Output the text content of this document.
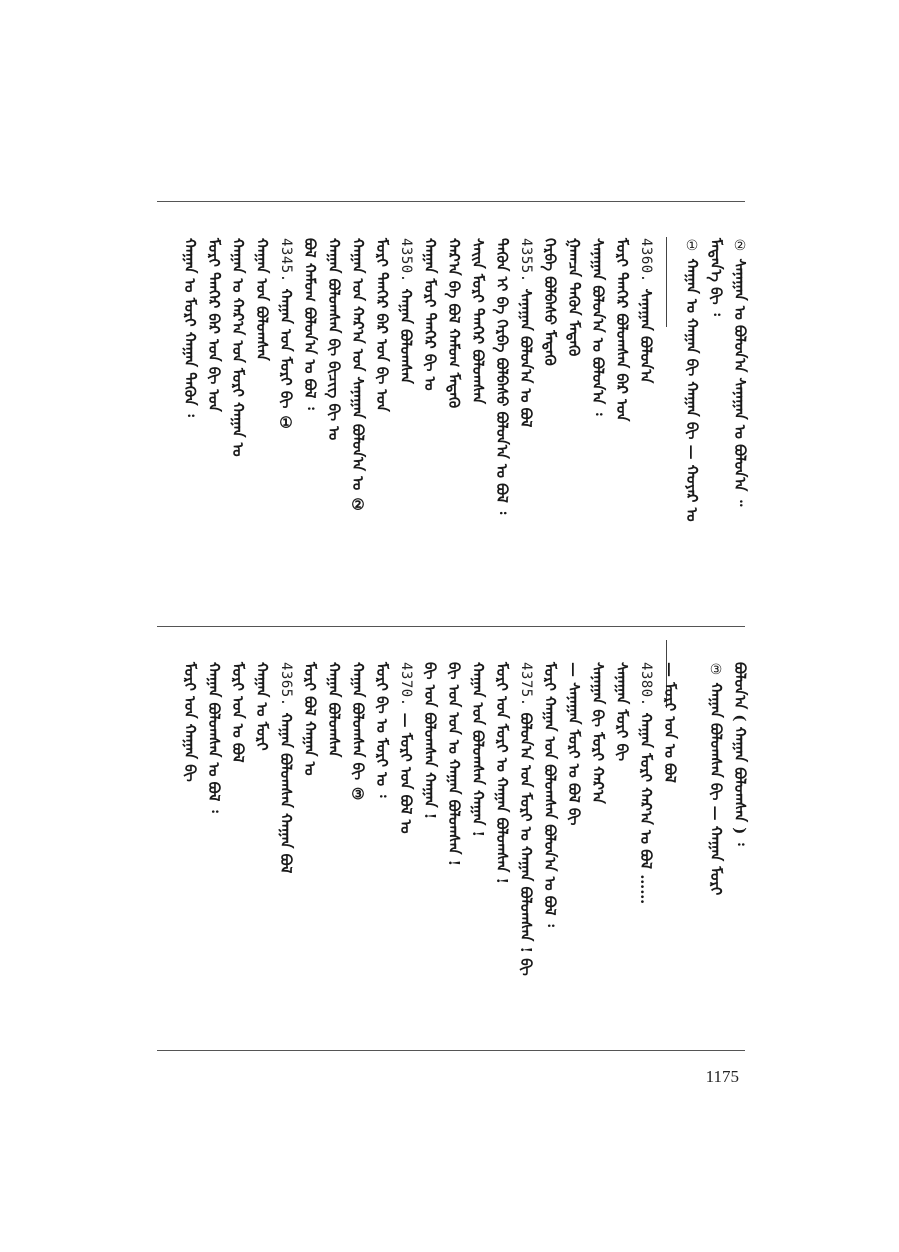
② ᠰᠠᠨᠠᠭᠠᠨ ᠤ ᠪᠣᠯᠤᠨ᠎ᠠ ᠰᠠᠨᠠᠭᠠᠨ ᠤ ᠪᠣᠯᠤᠨ᠎ᠠ ᠃
ᠮᠡᠳᠡᠨ᠎ᠡ ᠪᠢ ᠄
① ᠬᠠᠭᠠᠨ ᠤ ᠬᠠᠭᠠᠨ ᠪᠢ ᠬᠠᠭᠠᠨ ᠪᠢ — ᠬᠣᠶᠠᠷ ᠤ
4360.ᠰᠠᠨᠠᠭᠠᠨ ᠪᠣᠯᠤᠨ᠎ᠠ
ᠮᠣᠷᠢ ᠲᠡᠨᠭᠡᠷ ᠪᠣᠯᠤᠭᠰᠠᠨ ᠪᠡᠷ ᠤᠨ
ᠰᠠᠨᠠᠭᠠᠨ ᠪᠣᠯᠤᠨ᠎ᠠ ᠤ ᠪᠣᠯᠤᠨ᠎ᠠ ᠄
ᠭᠠᠭᠴᠠ ᠲᠡᠭᠦᠨ ᠮᠡᠳᠡᠬᠦ
ᠬᠡᠷᠪᠡ ᠪᠣᠯᠪᠠᠰᠤ ᠮᠡᠳᠡᠬᠦ
4355.ᠰᠠᠨᠠᠭᠠᠨ ᠪᠣᠯᠤᠨ᠎ᠠ ᠤ ᠪᠣᠯ
ᠲᠡᠭᠦᠨ ᠢ ᠪᠠ ᠬᠡᠷᠪᠡ ᠪᠣᠯᠪᠠᠰᠤ ᠪᠣᠯᠤᠨ᠎ᠠ ᠤ ᠪᠣᠯ ᠄
ᠰᠠᠢᠨ ᠮᠣᠷᠢ ᠲᠡᠨᠭᠡᠷ ᠪᠣᠯᠤᠭᠰᠠᠨ
ᠬᠠᠷ᠎ᠠ ᠪᠠ ᠪᠣᠯ ᠬᠠᠮᠤᠭ ᠮᠡᠳᠡᠬᠦ
ᠬᠠᠭᠠᠨ ᠮᠣᠷᠢ ᠲᠡᠨᠭᠡᠷ ᠪᠢ ᠤ
4350.ᠬᠠᠭᠠᠨ ᠪᠣᠯᠤᠭᠰᠠᠨ
ᠮᠣᠷᠢ ᠲᠡᠨᠭᠡᠷ ᠪᠡᠷ ᠤᠨ ᠪᠢ ᠤᠨ
ᠬᠠᠭᠠᠨ ᠤᠨ ᠬᠠᠷ᠎ᠠ ᠤᠨ ᠰᠠᠨᠠᠭᠠᠨ ᠪᠣᠯᠤᠨ᠎ᠠ ᠤ ②
ᠬᠠᠭᠠᠨ ᠪᠣᠯᠤᠭᠰᠠᠨ ᠪᠢ ᠪᠢᠴᠢᠭ ᠪᠢ ᠤ
ᠪᠣᠯ ᠬᠠᠮᠤᠭ ᠪᠣᠯᠤᠨ᠎ᠠ ᠤ ᠪᠣᠯ ᠄
4345.ᠬᠠᠭᠠᠨ ᠤᠨ ᠮᠣᠷᠢ ᠪᠢ ①
ᠬᠠᠭᠠᠨ ᠤᠨ ᠪᠣᠯᠤᠭᠰᠠᠨ
ᠬᠠᠭᠠᠨ ᠤ ᠬᠠᠷ᠎ᠠ ᠤᠨ ᠮᠣᠷᠢ ᠬᠠᠭᠠᠨ ᠤ
ᠮᠣᠷᠢ ᠲᠡᠨᠭᠡᠷ ᠪᠡᠷ ᠤᠨ ᠪᠢ ᠤᠨ
ᠬᠠᠭᠠᠨ ᠤ ᠮᠣᠷᠢ ᠬᠠᠭᠠᠨ ᠲᠡᠭᠦᠨ ᠄
ᠪᠣᠯᠤᠨ᠎ᠠ ( ᠬᠠᠭᠠᠨ ᠪᠣᠯᠤᠭᠰᠠᠨ ) ᠄
③ ᠬᠠᠭᠠᠨ ᠪᠣᠯᠤᠭᠰᠠᠨ ᠪᠢ — ᠬᠠᠭᠠᠨ ᠮᠣᠷᠢ
— ᠮᠣᠷᠢ ᠤᠨ ᠤ ᠪᠣᠯ
4380.ᠬᠠᠭᠠᠨ ᠮᠣᠷᠢ ᠬᠠᠷ᠎ᠠ ᠤ ᠪᠣᠯ ……
ᠰᠠᠨᠠᠭᠠᠨ ᠮᠣᠷᠢ ᠪᠢ
ᠰᠠᠨᠠᠭᠠᠨ ᠪᠢ ᠮᠣᠷᠢ ᠬᠠᠷ᠎ᠠ
— ᠰᠠᠨᠠᠭᠠᠨ ᠮᠣᠷᠢ ᠤ ᠪᠣᠯ ᠪᠢ
ᠮᠣᠷᠢ ᠬᠠᠭᠠᠨ ᠤᠨ ᠪᠣᠯᠤᠭᠰᠠᠨ ᠪᠣᠯᠤᠨ᠎ᠠ ᠤ ᠪᠣᠯ ᠄
4375.ᠪᠣᠯᠤᠨ᠎ᠠ ᠤᠨ ᠮᠣᠷᠢ ᠤ ᠬᠠᠭᠠᠨ ᠪᠣᠯᠤᠭᠰᠠᠨ ! ᠪᠢ
ᠮᠣᠷᠢ ᠤᠨ ᠮᠣᠷᠢ ᠤ ᠬᠠᠭᠠᠨ ᠪᠣᠯᠤᠭᠰᠠᠨ !
ᠬᠠᠭᠠᠨ ᠤᠨ ᠪᠣᠯᠤᠭᠰᠠᠨ ᠬᠠᠭᠠᠨ !
ᠪᠢ ᠤᠨ ᠤᠨ ᠤ ᠬᠠᠭᠠᠨ ᠪᠣᠯᠤᠭᠰᠠᠨ !
ᠪᠢ ᠤᠨ ᠪᠣᠯᠤᠭᠰᠠᠨ ᠬᠠᠭᠠᠨ !
4370.— ᠮᠣᠷᠢ ᠤᠨ ᠪᠣᠯ ᠤ
ᠮᠣᠷᠢ ᠪᠢ ᠤ ᠮᠣᠷᠢ ᠤ ᠄
ᠬᠠᠭᠠᠨ ᠪᠣᠯᠤᠭᠰᠠᠨ ᠪᠢ ③
ᠬᠠᠭᠠᠨ ᠪᠣᠯᠤᠭᠰᠠᠨ
ᠮᠣᠷᠢ ᠪᠣᠯ ᠬᠠᠭᠠᠨ ᠤ
4365.ᠬᠠᠭᠠᠨ ᠪᠣᠯᠤᠭᠰᠠᠨ ᠬᠠᠭᠠᠨ ᠪᠣᠯ
ᠬᠠᠭᠠᠨ ᠤ ᠮᠣᠷᠢ
ᠮᠣᠷᠢ ᠤᠨ ᠤ ᠪᠣᠯ
ᠬᠠᠭᠠᠨ ᠪᠣᠯᠤᠭᠰᠠᠨ ᠤ ᠪᠣᠯ ᠄
ᠮᠣᠷᠢ ᠤᠨ ᠬᠠᠭᠠᠨ ᠪᠢ
1175
